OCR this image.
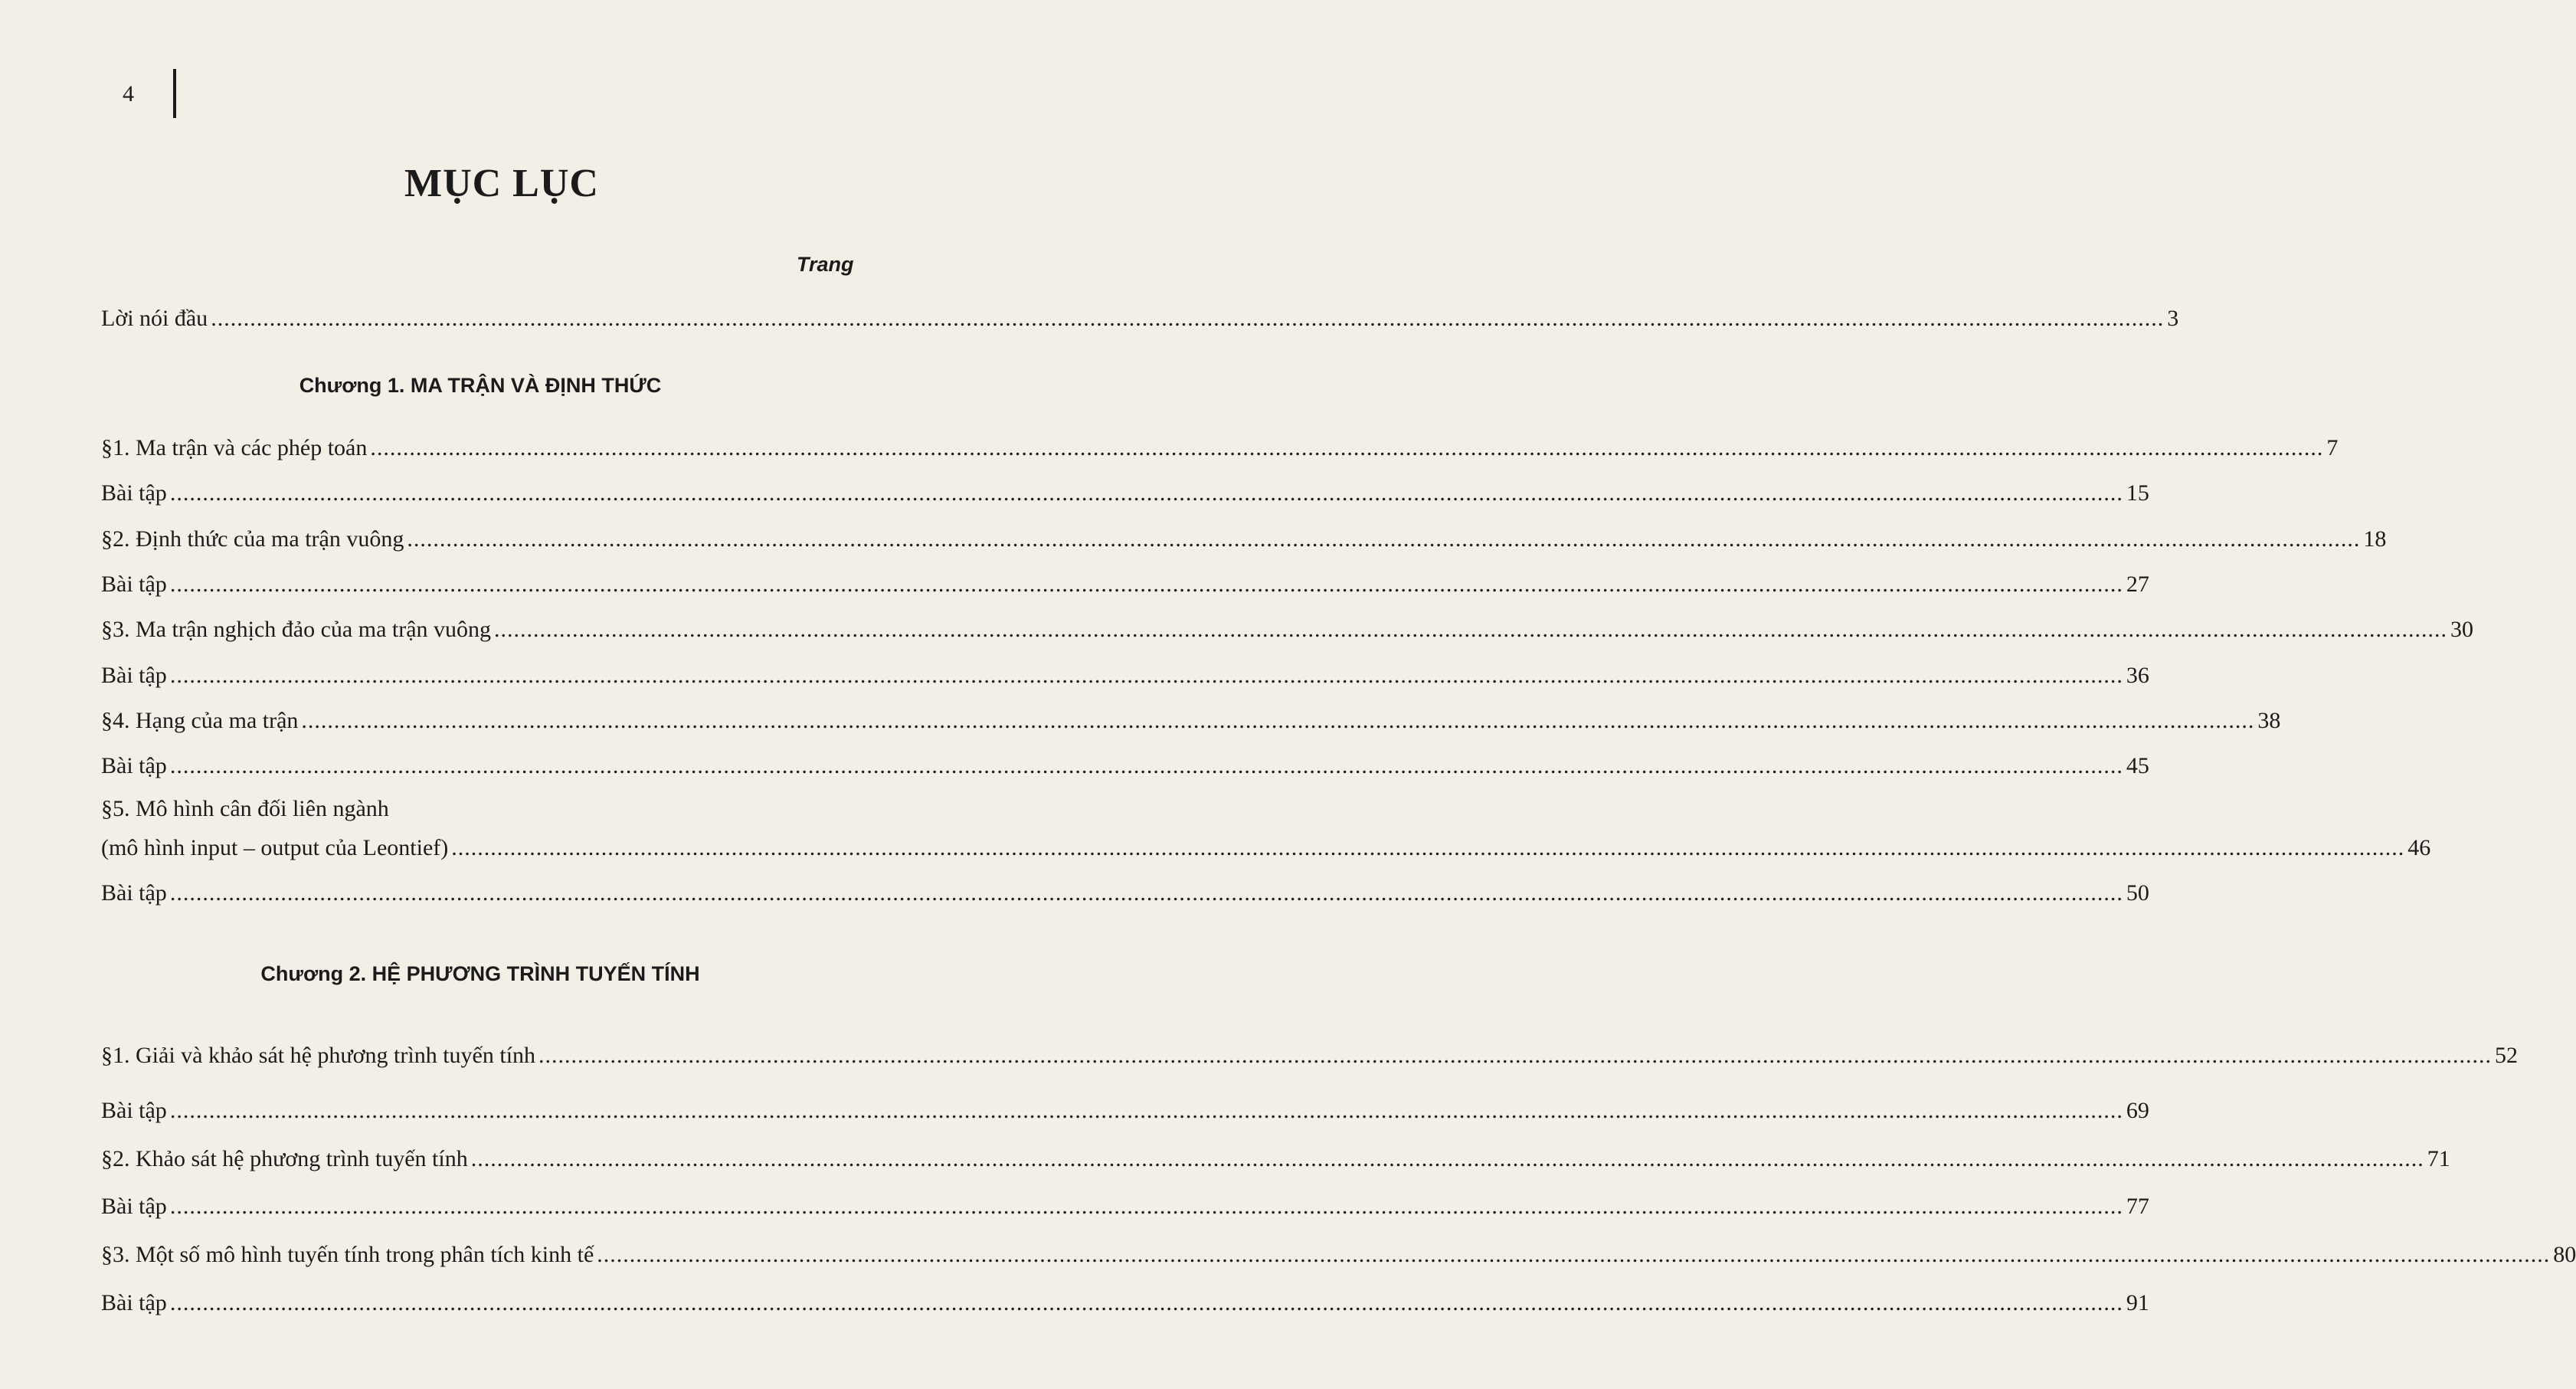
4
MỤC LỤC
Trang
Lời nói đầu ............................................................................................................................................................................................................................................................................................................ 3
Chương 1. MA TRẬN VÀ ĐỊNH THỨC
§1. Ma trận và các phép toán ............................................................................................................................................................................................................................................................................................................ 7
Bài tập ............................................................................................................................................................................................................................................................................................................ 15
§2. Định thức của ma trận vuông ............................................................................................................................................................................................................................................................................................................ 18
Bài tập ............................................................................................................................................................................................................................................................................................................ 27
§3. Ma trận nghịch đảo của ma trận vuông ............................................................................................................................................................................................................................................................................................................ 30
Bài tập ............................................................................................................................................................................................................................................................................................................ 36
§4. Hạng của ma trận ............................................................................................................................................................................................................................................................................................................ 38
Bài tập ............................................................................................................................................................................................................................................................................................................ 45
§5. Mô hình cân đối liên ngành
(mô hình input – output của Leontief) ............................................................................................................................................................................................................................................................................................................ 46
Bài tập ............................................................................................................................................................................................................................................................................................................ 50
Chương 2. HỆ PHƯƠNG TRÌNH TUYẾN TÍNH
§1. Giải và khảo sát hệ phương trình tuyến tính ............................................................................................................................................................................................................................................................................................................ 52
Bài tập ............................................................................................................................................................................................................................................................................................................ 69
§2. Khảo sát hệ phương trình tuyến tính ............................................................................................................................................................................................................................................................................................................ 71
Bài tập ............................................................................................................................................................................................................................................................................................................ 77
§3. Một số mô hình tuyến tính trong phân tích kinh tế ............................................................................................................................................................................................................................................................................................................ 80
Bài tập ............................................................................................................................................................................................................................................................................................................ 91
